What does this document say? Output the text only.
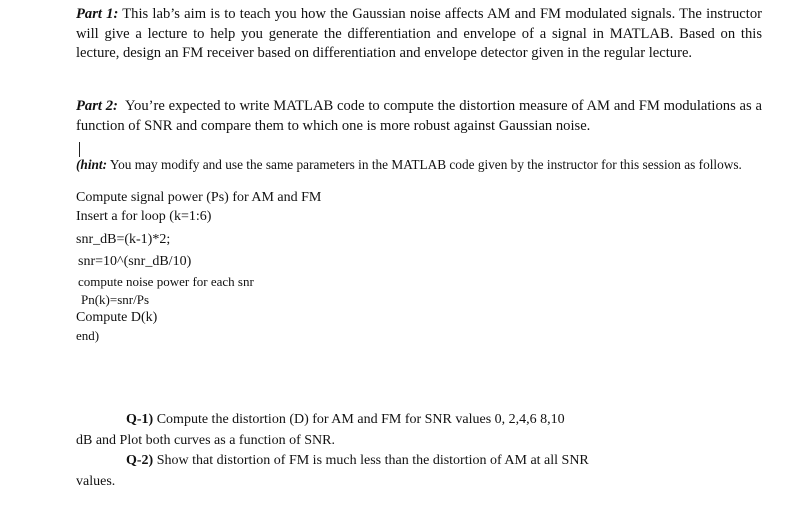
Part 1: This lab’s aim is to teach you how the Gaussian noise affects AM and FM modulated signals. The instructor will give a lecture to help you generate the differentiation and envelope of a signal in MATLAB. Based on this lecture, design an FM receiver based on differentiation and envelope detector given in the regular lecture.

Part 2: You’re expected to write MATLAB code to compute the distortion measure of AM and FM modulations as a function of SNR and compare them to which one is more robust against Gaussian noise.

(hint: You may modify and use the same parameters in the MATLAB code given by the instructor for this session as follows.

Compute signal power (Ps) for AM and FM
Insert a for loop (k=1:6)
snr_dB=(k-1)*2;
snr=10^(snr_dB/10)
compute noise power for each snr
Pn(k)=snr/Ps
Compute D(k)
end)
Q-1) Compute the distortion (D) for AM and FM for SNR values 0, 2,4,6 8,10
dB and Plot both curves as a function of SNR.
Q-2) Show that distortion of FM is much less than the distortion of AM at all SNR
values.
